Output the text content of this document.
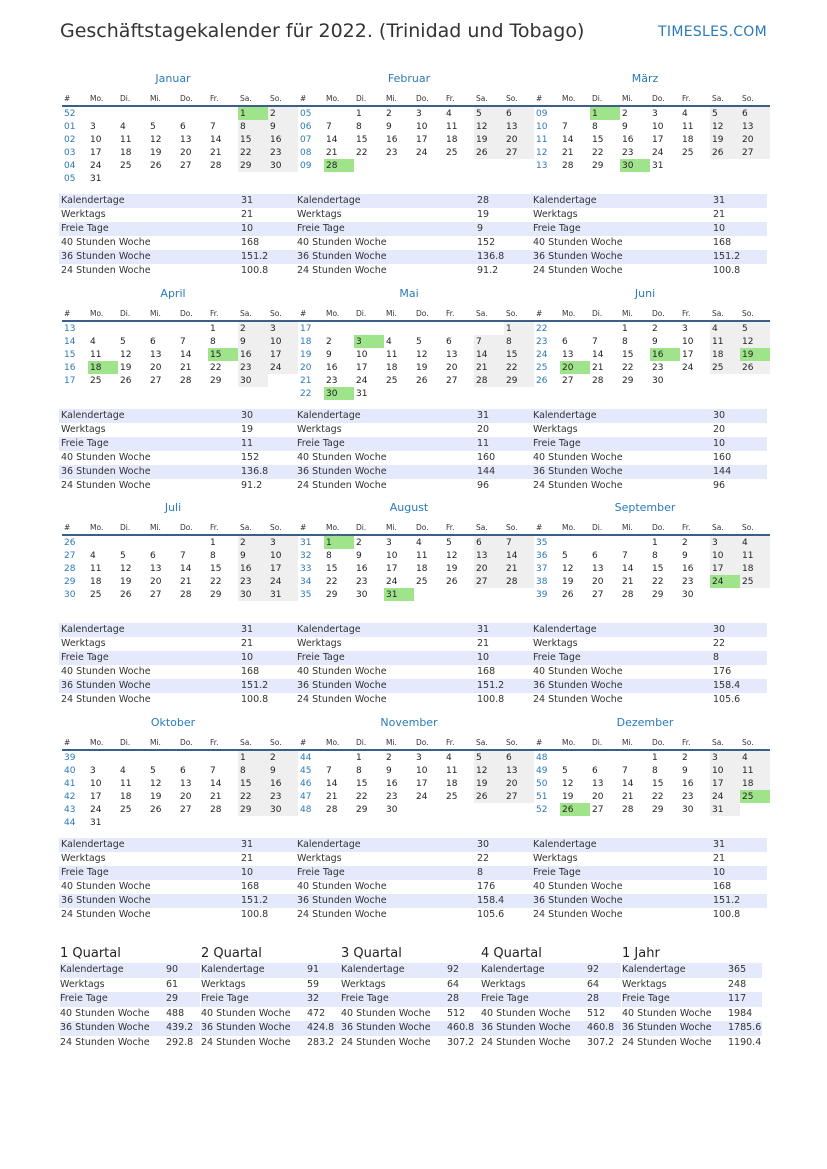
Geschäftstagekalender für 2022. (Trinidad und Tobago)	TIMESLES.COM
Januar
#	Mo.	Di.	Mi.	Do.	Fr.	Sa.	So.
52						1	2
01	3	4	5	6	7	8	9
02	10	11	12	13	14	15	16
03	17	18	19	20	21	22	23
04	24	25	26	27	28	29	30
05	31						
Kalendertage	31
Werktags	21
Freie Tage	10
40 Stunden Woche	168
36 Stunden Woche	151.2
24 Stunden Woche	100.8
Februar
#	Mo.	Di.	Mi.	Do.	Fr.	Sa.	So.
05		1	2	3	4	5	6
06	7	8	9	10	11	12	13
07	14	15	16	17	18	19	20
08	21	22	23	24	25	26	27
09	28						
Kalendertage	28
Werktags	19
Freie Tage	9
40 Stunden Woche	152
36 Stunden Woche	136.8
24 Stunden Woche	91.2
März
#	Mo.	Di.	Mi.	Do.	Fr.	Sa.	So.
09		1	2	3	4	5	6
10	7	8	9	10	11	12	13
11	14	15	16	17	18	19	20
12	21	22	23	24	25	26	27
13	28	29	30	31			
Kalendertage	31
Werktags	21
Freie Tage	10
40 Stunden Woche	168
36 Stunden Woche	151.2
24 Stunden Woche	100.8
April
#	Mo.	Di.	Mi.	Do.	Fr.	Sa.	So.
13					1	2	3
14	4	5	6	7	8	9	10
15	11	12	13	14	15	16	17
16	18	19	20	21	22	23	24
17	25	26	27	28	29	30	
Kalendertage	30
Werktags	19
Freie Tage	11
40 Stunden Woche	152
36 Stunden Woche	136.8
24 Stunden Woche	91.2
Mai
#	Mo.	Di.	Mi.	Do.	Fr.	Sa.	So.
17							1
18	2	3	4	5	6	7	8
19	9	10	11	12	13	14	15
20	16	17	18	19	20	21	22
21	23	24	25	26	27	28	29
22	30	31					
Kalendertage	31
Werktags	20
Freie Tage	11
40 Stunden Woche	160
36 Stunden Woche	144
24 Stunden Woche	96
Juni
#	Mo.	Di.	Mi.	Do.	Fr.	Sa.	So.
22			1	2	3	4	5
23	6	7	8	9	10	11	12
24	13	14	15	16	17	18	19
25	20	21	22	23	24	25	26
26	27	28	29	30			
Kalendertage	30
Werktags	20
Freie Tage	10
40 Stunden Woche	160
36 Stunden Woche	144
24 Stunden Woche	96
Juli
#	Mo.	Di.	Mi.	Do.	Fr.	Sa.	So.
26					1	2	3
27	4	5	6	7	8	9	10
28	11	12	13	14	15	16	17
29	18	19	20	21	22	23	24
30	25	26	27	28	29	30	31
Kalendertage	31
Werktags	21
Freie Tage	10
40 Stunden Woche	168
36 Stunden Woche	151.2
24 Stunden Woche	100.8
August
#	Mo.	Di.	Mi.	Do.	Fr.	Sa.	So.
31	1	2	3	4	5	6	7
32	8	9	10	11	12	13	14
33	15	16	17	18	19	20	21
34	22	23	24	25	26	27	28
35	29	30	31				
Kalendertage	31
Werktags	21
Freie Tage	10
40 Stunden Woche	168
36 Stunden Woche	151.2
24 Stunden Woche	100.8
September
#	Mo.	Di.	Mi.	Do.	Fr.	Sa.	So.
35				1	2	3	4
36	5	6	7	8	9	10	11
37	12	13	14	15	16	17	18
38	19	20	21	22	23	24	25
39	26	27	28	29	30		
Kalendertage	30
Werktags	22
Freie Tage	8
40 Stunden Woche	176
36 Stunden Woche	158.4
24 Stunden Woche	105.6
Oktober
#	Mo.	Di.	Mi.	Do.	Fr.	Sa.	So.
39						1	2
40	3	4	5	6	7	8	9
41	10	11	12	13	14	15	16
42	17	18	19	20	21	22	23
43	24	25	26	27	28	29	30
44	31						
Kalendertage	31
Werktags	21
Freie Tage	10
40 Stunden Woche	168
36 Stunden Woche	151.2
24 Stunden Woche	100.8
November
#	Mo.	Di.	Mi.	Do.	Fr.	Sa.	So.
44		1	2	3	4	5	6
45	7	8	9	10	11	12	13
46	14	15	16	17	18	19	20
47	21	22	23	24	25	26	27
48	28	29	30				
Kalendertage	30
Werktags	22
Freie Tage	8
40 Stunden Woche	176
36 Stunden Woche	158.4
24 Stunden Woche	105.6
Dezember
#	Mo.	Di.	Mi.	Do.	Fr.	Sa.	So.
48				1	2	3	4
49	5	6	7	8	9	10	11
50	12	13	14	15	16	17	18
51	19	20	21	22	23	24	25
52	26	27	28	29	30	31	
Kalendertage	31
Werktags	21
Freie Tage	10
40 Stunden Woche	168
36 Stunden Woche	151.2
24 Stunden Woche	100.8
1 Quartal
Kalendertage	90
Werktags	61
Freie Tage	29
40 Stunden Woche	488
36 Stunden Woche	439.2
24 Stunden Woche	292.8
2 Quartal
Kalendertage	91
Werktags	59
Freie Tage	32
40 Stunden Woche	472
36 Stunden Woche	424.8
24 Stunden Woche	283.2
3 Quartal
Kalendertage	92
Werktags	64
Freie Tage	28
40 Stunden Woche	512
36 Stunden Woche	460.8
24 Stunden Woche	307.2
4 Quartal
Kalendertage	92
Werktags	64
Freie Tage	28
40 Stunden Woche	512
36 Stunden Woche	460.8
24 Stunden Woche	307.2
1 Jahr
Kalendertage	365
Werktags	248
Freie Tage	117
40 Stunden Woche	1984
36 Stunden Woche	1785.6
24 Stunden Woche	1190.4
